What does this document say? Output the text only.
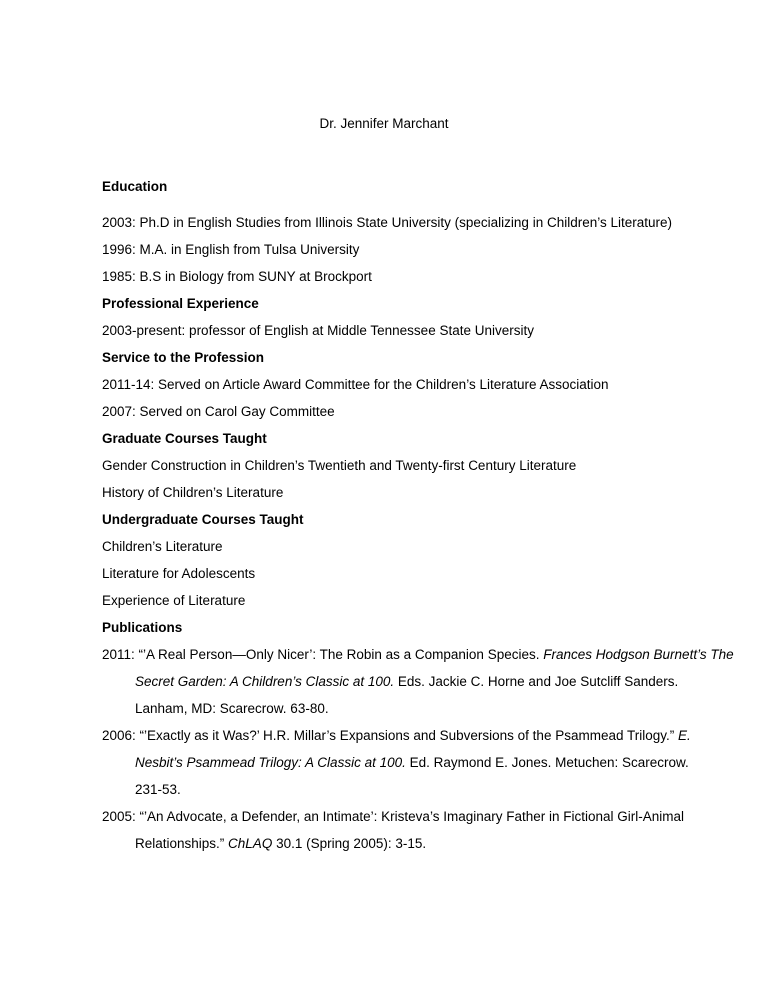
Dr. Jennifer Marchant
Education
2003: Ph.D in English Studies from Illinois State University (specializing in Children’s Literature)
1996: M.A. in English from Tulsa University
1985: B.S in Biology from SUNY at Brockport
Professional Experience
2003-present: professor of English at Middle Tennessee State University
Service to the Profession
2011-14: Served on Article Award Committee for the Children’s Literature Association
2007: Served on Carol Gay Committee
Graduate Courses Taught
Gender Construction in Children’s Twentieth and Twenty-first Century Literature
History of Children’s Literature
Undergraduate Courses Taught
Children’s Literature
Literature for Adolescents
Experience of Literature
Publications
2011: “’A Real Person—Only Nicer’: The Robin as a Companion Species. Frances Hodgson Burnett’s The
Secret Garden: A Children’s Classic at 100. Eds. Jackie C. Horne and Joe Sutcliff Sanders.
Lanham, MD: Scarecrow. 63-80.
2006: “’Exactly as it Was?’ H.R. Millar’s Expansions and Subversions of the Psammead Trilogy.” E.
Nesbit’s Psammead Trilogy: A Classic at 100. Ed. Raymond E. Jones. Metuchen: Scarecrow.
231-53.
2005: “’An Advocate, a Defender, an Intimate’: Kristeva’s Imaginary Father in Fictional Girl-Animal
Relationships.” ChLAQ 30.1 (Spring 2005): 3-15.
